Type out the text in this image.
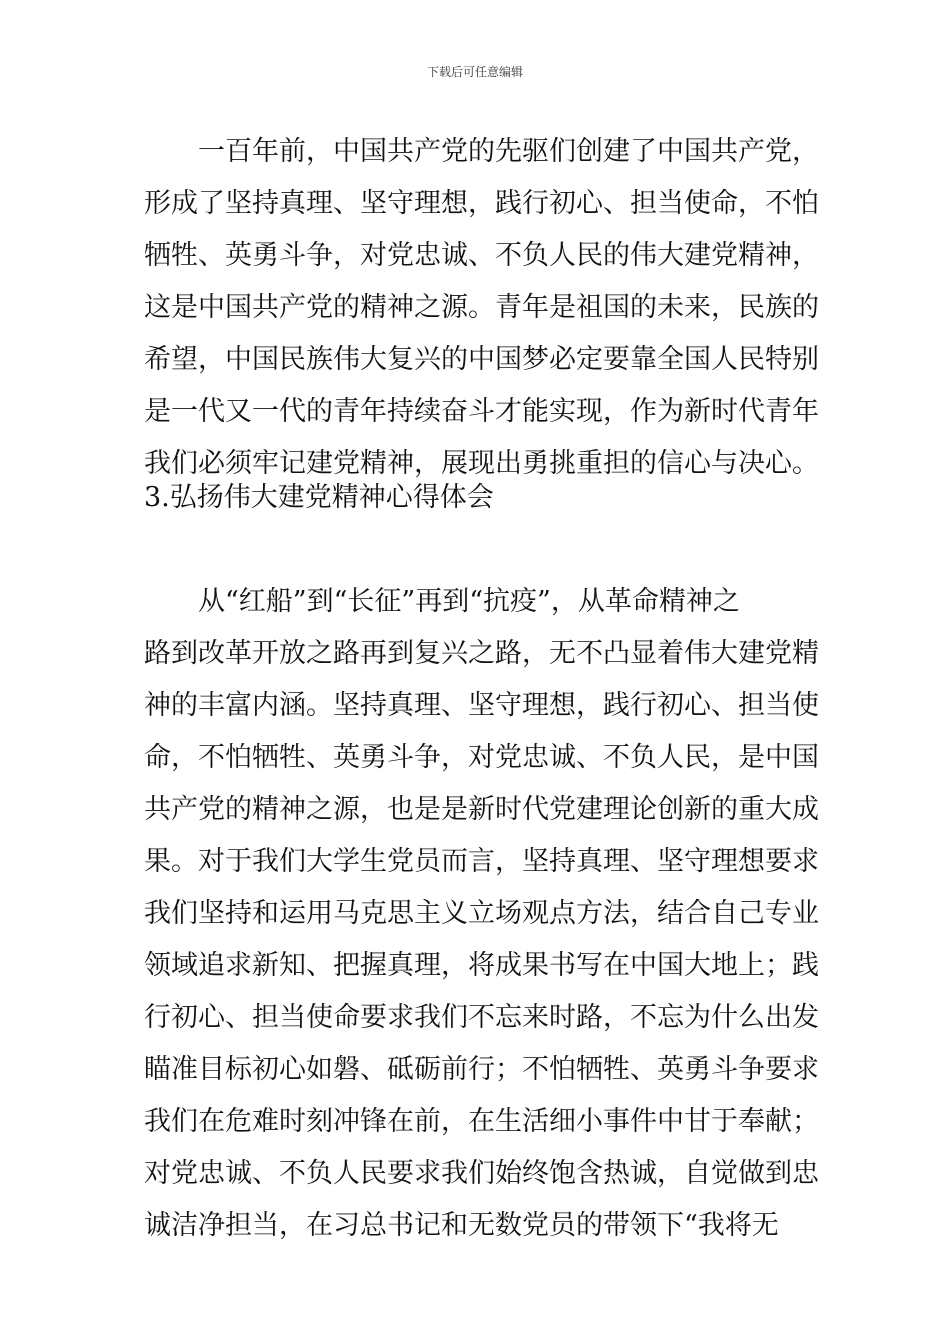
下载后可任意编辑
一百年前，中国共产党的先驱们创建了中国共产党，
形成了坚持真理、坚守理想，践行初心、担当使命，不怕
牺牲、英勇斗争，对党忠诚、不负人民的伟大建党精神，
这是中国共产党的精神之源。青年是祖国的未来，民族的
希望，中国民族伟大复兴的中国梦必定要靠全国人民特别
是一代又一代的青年持续奋斗才能实现，作为新时代青年
我们必须牢记建党精神，展现出勇挑重担的信心与决心。
3.弘扬伟大建党精神心得体会
从“红船”到“长征”再到“抗疫”，从革命精神之
路到改革开放之路再到复兴之路，无不凸显着伟大建党精
神的丰富内涵。坚持真理、坚守理想，践行初心、担当使
命，不怕牺牲、英勇斗争，对党忠诚、不负人民，是中国
共产党的精神之源，也是是新时代党建理论创新的重大成
果。对于我们大学生党员而言，坚持真理、坚守理想要求
我们坚持和运用马克思主义立场观点方法，结合自己专业
领域追求新知、把握真理，将成果书写在中国大地上；践
行初心、担当使命要求我们不忘来时路，不忘为什么出发
瞄准目标初心如磐、砥砺前行；不怕牺牲、英勇斗争要求
我们在危难时刻冲锋在前，在生活细小事件中甘于奉献；
对党忠诚、不负人民要求我们始终饱含热诚，自觉做到忠
诚洁净担当，在习总书记和无数党员的带领下“我将无
